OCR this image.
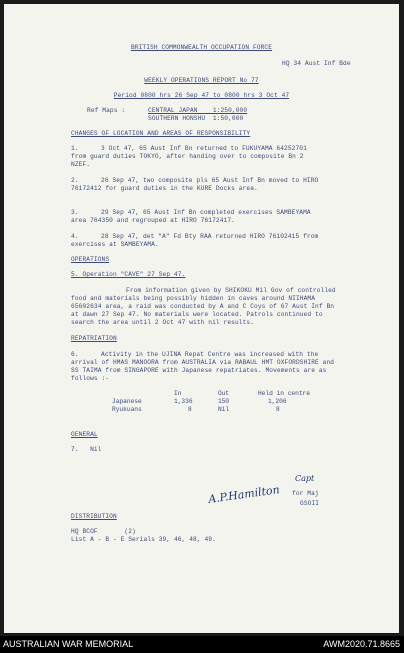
BRITISH COMMONWEALTH OCCUPATION FORCE
HQ 34 Aust Inf Bde
WEEKLY OPERATIONS REPORT No 77
Period 0800 hrs 26 Sep 47 to 0800 hrs 3 Oct 47
Ref Maps :	CENTRAL JAPAN    1:250,000
SOUTHERN HONSHU  1:50,000
CHANGES OF LOCATION AND AREAS OF RESPONSIBILITY
1.	3 Oct 47, 65 Aust Inf Bn returned to FUKUYAMA 64252701 from guard duties TOKYO, after handing over to composite Bn 2 NZEF.
2.	26 Sep 47, two composite pls 65 Aust Inf Bn moved to HIRO 76172412 for guard duties in the KURE Docks area.
3.	29 Sep 47, 65 Aust Inf Bn completed exercises SAMBEYAMA area 764350 and regrouped at HIRO 76172417.
4.	28 Sep 47, det "A" Fd Bty RAA returned HIRO 76102415 from exercises at SAMBEYAMA.
OPERATIONS
5. Operation "CAVE" 27 Sep 47.
From information given by SHIKOKU Mil Gov of controlled food and materials being possibly hidden in caves around NIIHAMA 65602634 area, a raid was conducted by A and C Coys of 67 Aust Inf Bn at dawn 27 Sep 47. No materials were located. Patrols continued to search the area until 2 Oct 47 with nil results.
REPATRIATION
6.	Activity in the UJINA Repat Centre was increased with the arrival of HMAS MANOORA from AUSTRALIA via RABAUL HMT OXFORDSHIRE and SS TAIMA from SINGAPORE with Japanese repatriates. Movements are as follows :-
	In	Out	Held in centre
Japanese	1,336	150	1,206
Ryukuans	8	Nil	8
GENERAL
7.   Nil
A.P.Hamilton
Capt
for Maj
GSOII
DISTRIBUTION
HQ BCOF       (2)
List A - B - E Serials 39, 46, 48, 49.
AUSTRALIAN WAR MEMORIAL	AWM2020.71.8665
